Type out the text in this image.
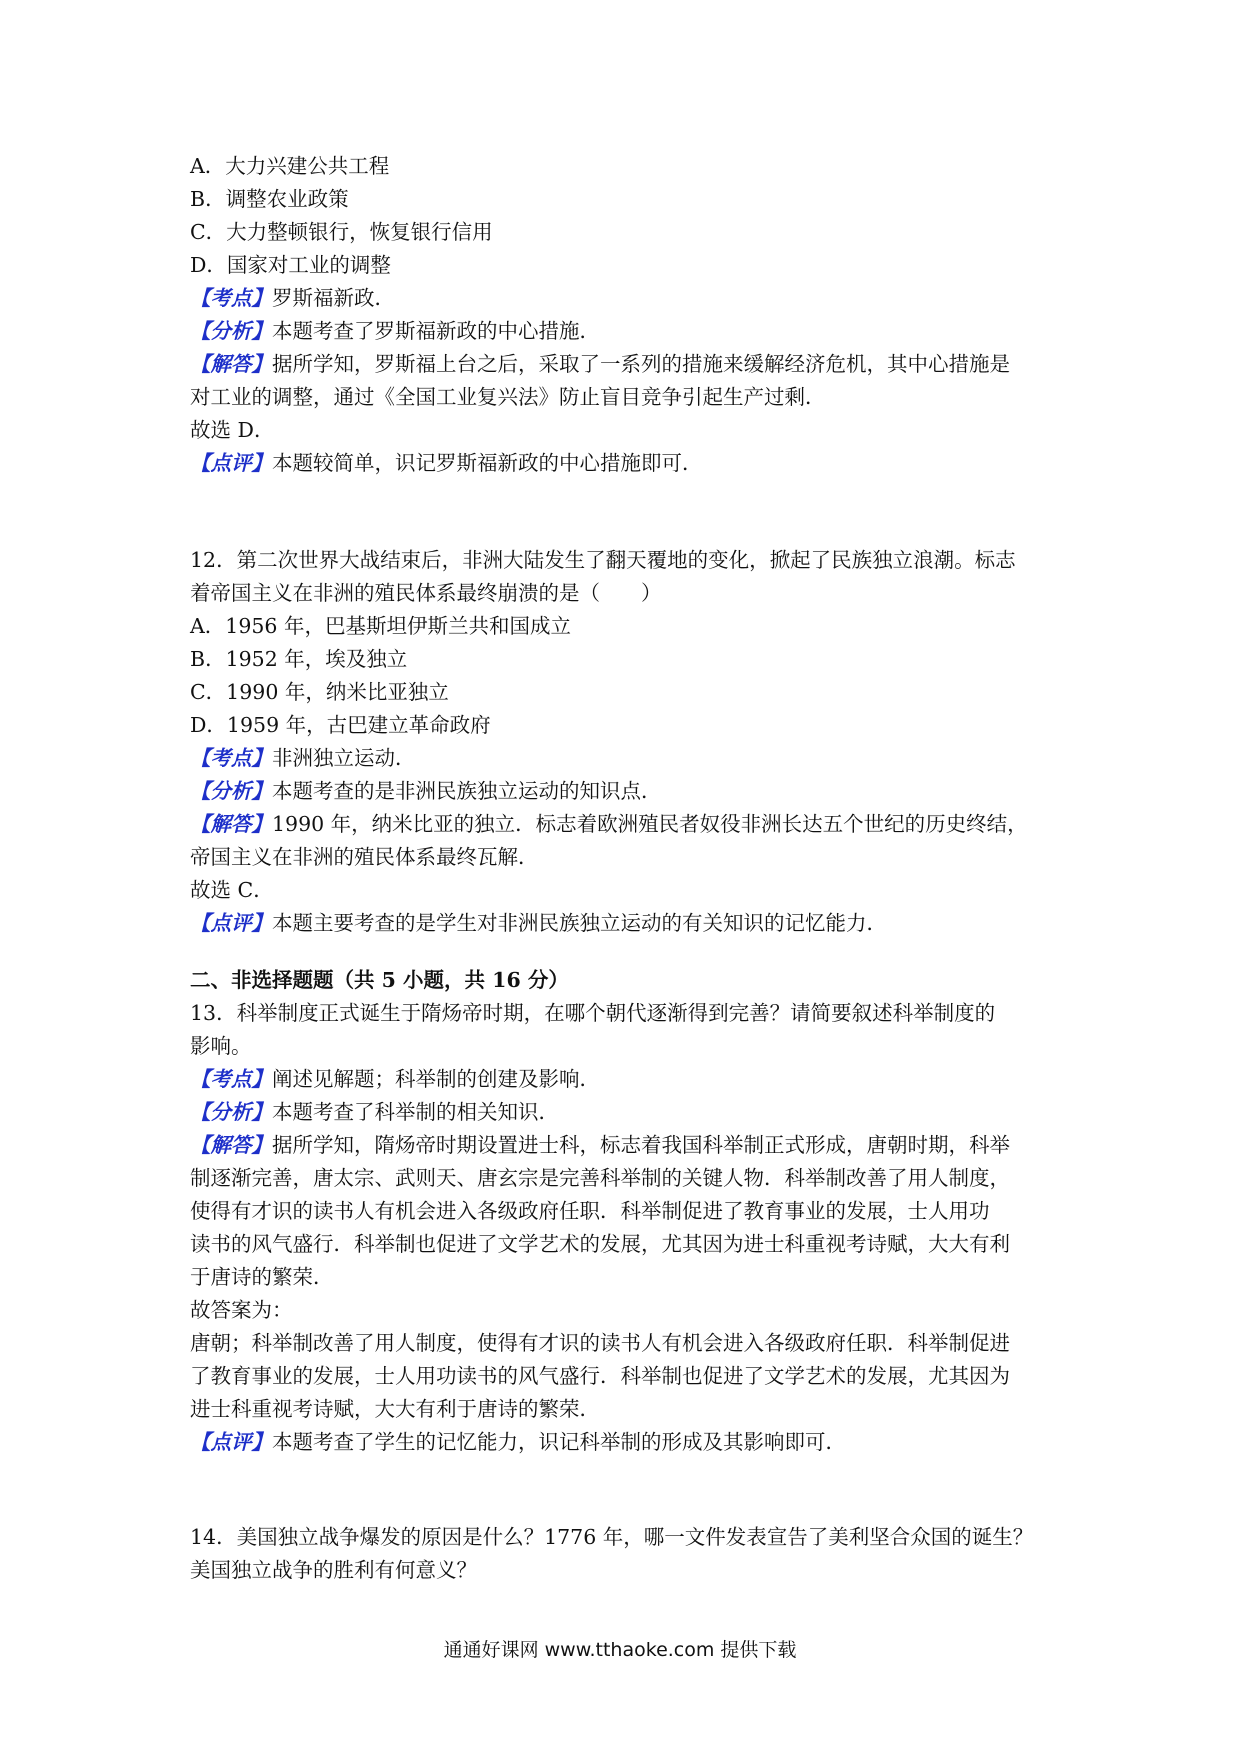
A．大力兴建公共工程
B．调整农业政策
C．大力整顿银行，恢复银行信用
D．国家对工业的调整
【考点】罗斯福新政．
【分析】本题考查了罗斯福新政的中心措施．
【解答】据所学知，罗斯福上台之后，采取了一系列的措施来缓解经济危机，其中心措施是
对工业的调整，通过《全国工业复兴法》防止盲目竞争引起生产过剩．
故选 D．
【点评】本题较简单，识记罗斯福新政的中心措施即可．
12．第二次世界大战结束后，非洲大陆发生了翻天覆地的变化，掀起了民族独立浪潮。标志
着帝国主义在非洲的殖民体系最终崩溃的是（　　）
A．1956 年，巴基斯坦伊斯兰共和国成立
B．1952 年，埃及独立
C．1990 年，纳米比亚独立
D．1959 年，古巴建立革命政府
【考点】非洲独立运动．
【分析】本题考查的是非洲民族独立运动的知识点．
【解答】1990 年，纳米比亚的独立．标志着欧洲殖民者奴役非洲长达五个世纪的历史终结，
帝国主义在非洲的殖民体系最终瓦解．
故选 C．
【点评】本题主要考查的是学生对非洲民族独立运动的有关知识的记忆能力．
二、非选择题题（共 5 小题，共 16 分）
13．科举制度正式诞生于隋炀帝时期，在哪个朝代逐渐得到完善？请简要叙述科举制度的
影响。
【考点】阐述见解题；科举制的创建及影响．
【分析】本题考查了科举制的相关知识．
【解答】据所学知，隋炀帝时期设置进士科，标志着我国科举制正式形成，唐朝时期，科举
制逐渐完善，唐太宗、武则天、唐玄宗是完善科举制的关键人物．科举制改善了用人制度，
使得有才识的读书人有机会进入各级政府任职．科举制促进了教育事业的发展，士人用功
读书的风气盛行．科举制也促进了文学艺术的发展，尤其因为进士科重视考诗赋，大大有利
于唐诗的繁荣．
故答案为：
唐朝；科举制改善了用人制度，使得有才识的读书人有机会进入各级政府任职．科举制促进
了教育事业的发展，士人用功读书的风气盛行．科举制也促进了文学艺术的发展，尤其因为
进士科重视考诗赋，大大有利于唐诗的繁荣．
【点评】本题考查了学生的记忆能力，识记科举制的形成及其影响即可．
14．美国独立战争爆发的原因是什么？1776 年，哪一文件发表宣告了美利坚合众国的诞生？
美国独立战争的胜利有何意义？
通通好课网 www.tthaoke.com 提供下载
